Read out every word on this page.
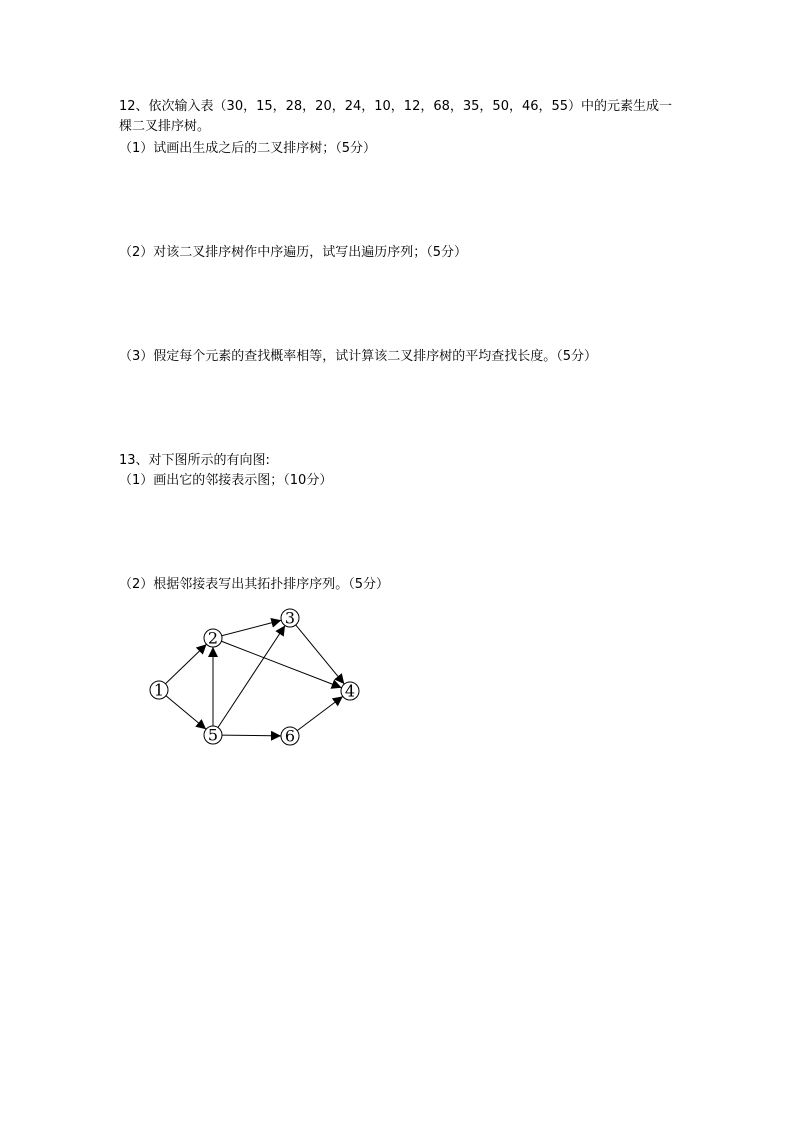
12、依次输入表（30，15，28，20，24，10，12，68，35，50，46，55）中的元素生成一
棵二叉排序树。
（1）试画出生成之后的二叉排序树；（5分）
（2）对该二叉排序树作中序遍历，试写出遍历序列；（5分）
（3）假定每个元素的查找概率相等，试计算该二叉排序树的平均查找长度。（5分）
13、对下图所示的有向图:
（1）画出它的邻接表示图；（10分）
（2）根据邻接表写出其拓扑排序序列。（5分）
1
2
3
4
5	6
